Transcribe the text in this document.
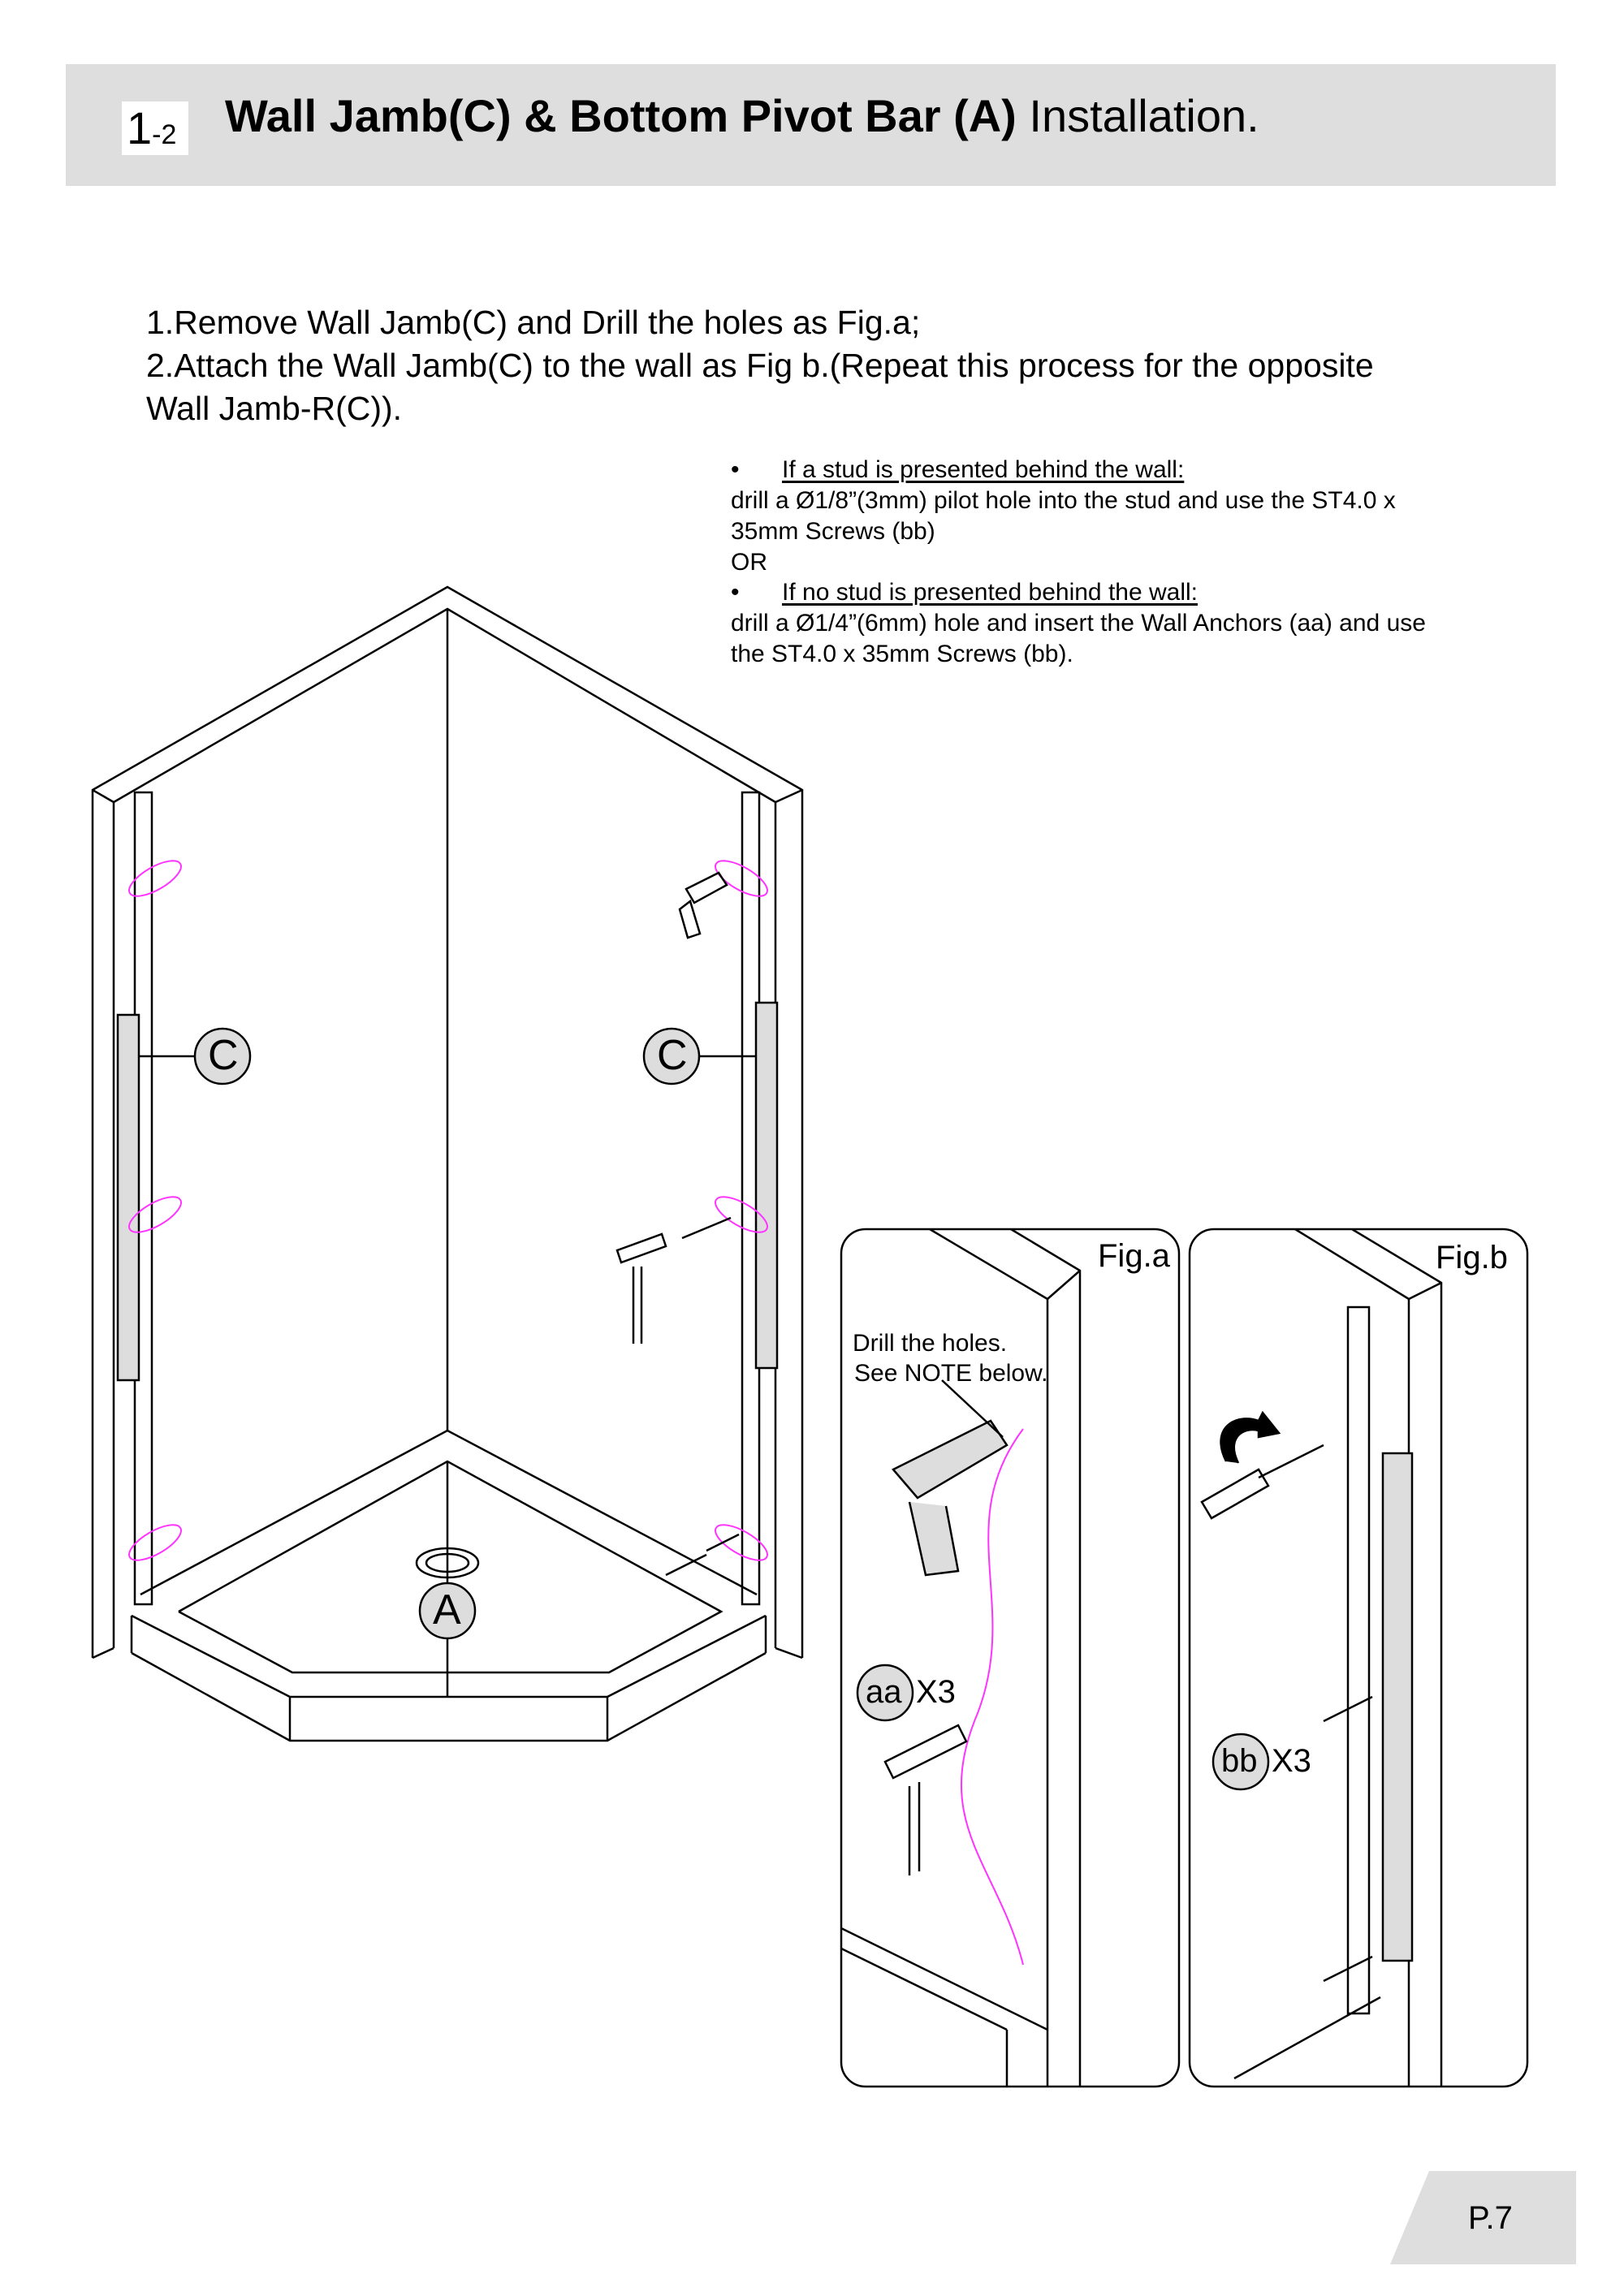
1-2 Wall Jamb(C) & Bottom Pivot Bar (A) Installation.
1.Remove Wall Jamb(C) and Drill the holes as Fig.a;
2.Attach the Wall Jamb(C) to the wall as Fig b.(Repeat this process for the opposite
Wall Jamb-R(C)).
• If a stud is presented behind the wall:
drill a Ø1/8”(3mm) pilot hole into the stud and use the ST4.0 x
35mm Screws (bb)
OR
• If no stud is presented behind the wall:
drill a Ø1/4”(6mm) hole and insert the Wall Anchors (aa) and use
the ST4.0 x 35mm Screws (bb).
C	C
A
Fig.a
Drill the holes.
See NOTE below.
aa X3
Fig.b
bb X3
P.7
